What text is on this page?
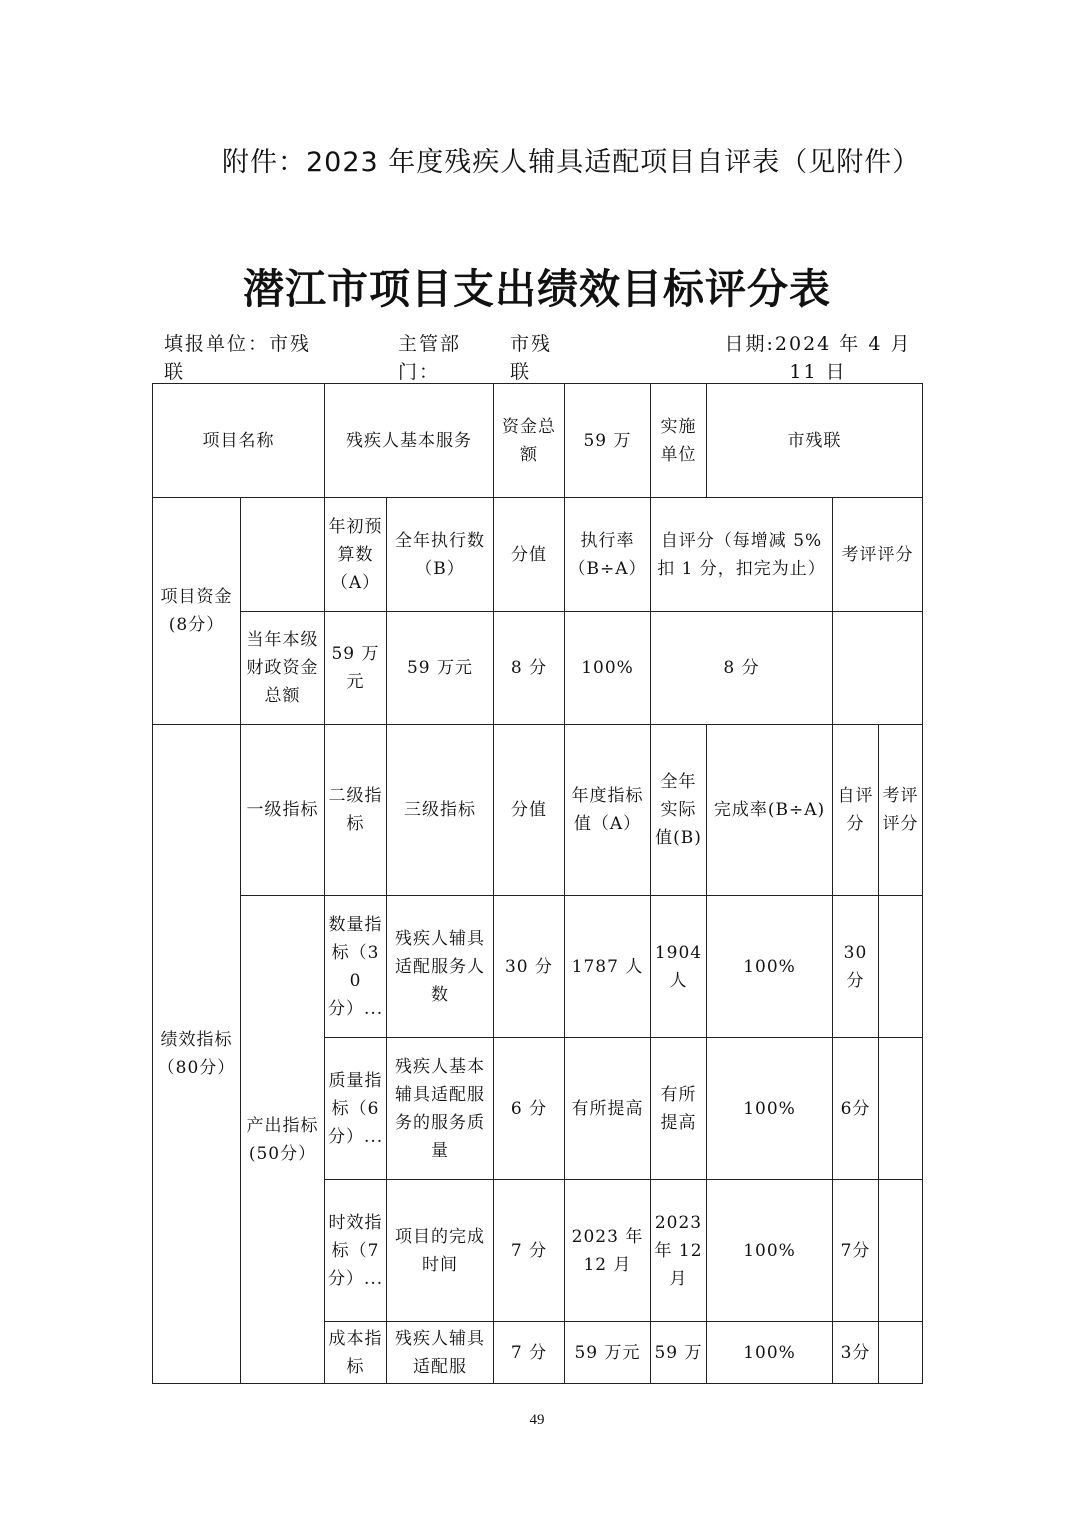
附件：2023 年度残疾人辅具适配项目自评表（见附件）
潜江市项目支出绩效目标评分表
填报单位：市残联
主管部门：
市残联
日期:2024 年 4 月 11 日
项目名称		残疾人基本服务		资金总额	59 万	实施单位	市残联		
项目资金(8分）		年初预算数（A）	全年执行数（B）	分值	执行率（B÷A）	自评分（每增减 5%扣 1 分，扣完为止）		考评评分	
	当年本级财政资金总额	59 万元	59 万元	8 分	100%	8 分			
绩效指标（80分）	一级指标	二级指标	三级指标	分值	年度指标值（A）	全年实际值(B)	完成率(B÷A)	自评分	考评评分
	产出指标(50分）	数量指标（30分）...	残疾人辅具适配服务人数	30 分	1787 人	1904 人	100%	30分	
		质量指标（6分）...	残疾人基本辅具适配服务的服务质量	6 分	有所提高	有所提高	100%	6分	
		时效指标（7分）...	项目的完成时间	7 分	2023 年 12 月	2023 年 12 月	100%	7分	
		成本指标	残疾人辅具适配服	7 分	59 万元	59 万	100%	3分	
49
